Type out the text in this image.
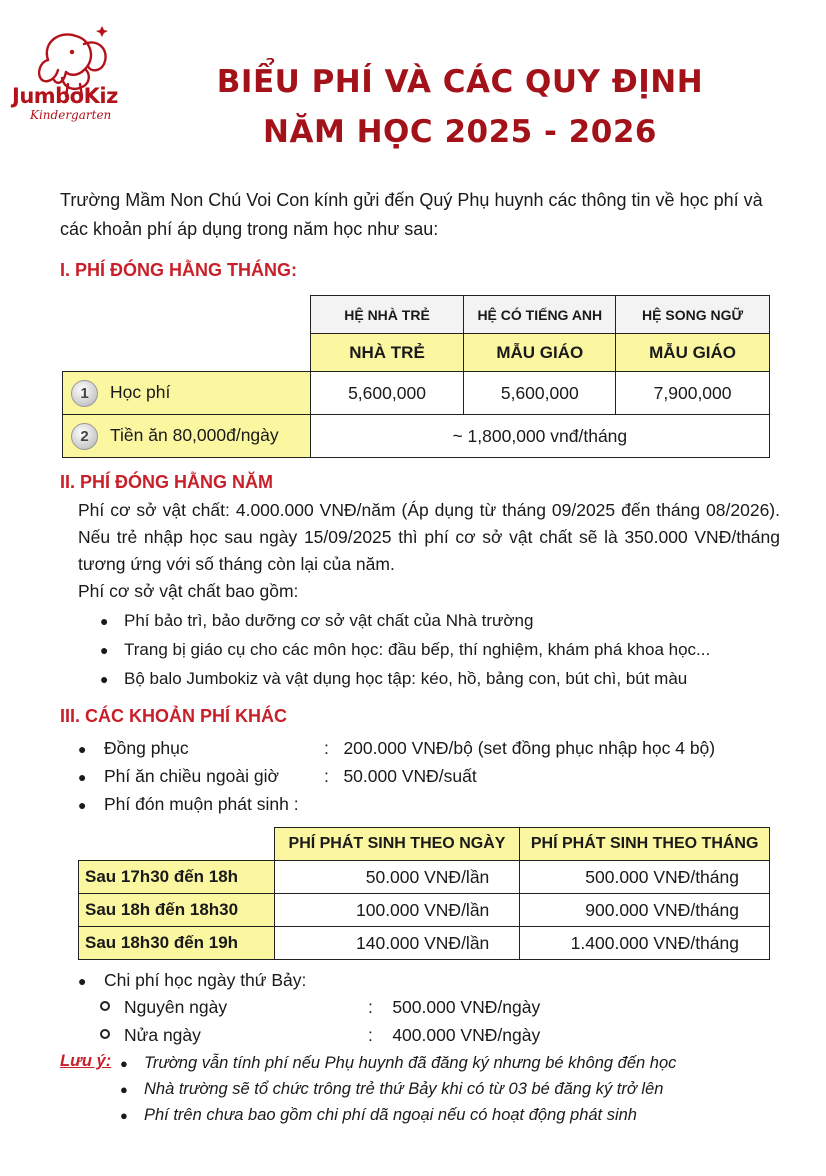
JumboKiz
Kindergarten
BIỂU PHÍ VÀ CÁC QUY ĐỊNH
NĂM HỌC 2025 - 2026
Trường Mầm Non Chú Voi Con kính gửi đến Quý Phụ huynh các thông tin về học phí và các khoản phí áp dụng trong năm học như sau:
I. PHÍ ĐÓNG HẰNG THÁNG:
	HỆ NHÀ TRẺ	HỆ CÓ TIẾNG ANH	HỆ SONG NGỮ
	NHÀ TRẺ	MẪU GIÁO	MẪU GIÁO
1 Học phí	5,600,000	5,600,000	7,900,000
2 Tiền ăn 80,000đ/ngày	~ 1,800,000 vnđ/tháng		
II. PHÍ ĐÓNG HẰNG NĂM
Phí cơ sở vật chất: 4.000.000 VNĐ/năm (Áp dụng từ tháng 09/2025 đến tháng 08/2026). Nếu trẻ nhập học sau ngày 15/09/2025 thì phí cơ sở vật chất sẽ là 350.000 VNĐ/tháng tương ứng với số tháng còn lại của năm.
Phí cơ sở vật chất bao gồm:
● Phí bảo trì, bảo dưỡng cơ sở vật chất của Nhà trường
● Trang bị giáo cụ cho các môn học: đầu bếp, thí nghiệm, khám phá khoa học...
● Bộ balo Jumbokiz và vật dụng học tập: kéo, hồ, bảng con, bút chì, bút màu
III. CÁC KHOẢN PHÍ KHÁC
● Đồng phục	:   200.000 VNĐ/bộ (set đồng phục nhập học 4 bộ)
● Phí ăn chiều ngoài giờ	:   50.000 VNĐ/suất
● Phí đón muộn phát sinh :
	PHÍ PHÁT SINH THEO NGÀY	PHÍ PHÁT SINH THEO THÁNG
Sau 17h30 đến 18h	50.000 VNĐ/lần	500.000 VNĐ/tháng
Sau 18h đến 18h30	100.000 VNĐ/lần	900.000 VNĐ/tháng
Sau 18h30 đến 19h	140.000 VNĐ/lần	1.400.000 VNĐ/tháng
● Chi phí học ngày thứ Bảy:
Nguyên ngày	:    500.000 VNĐ/ngày
Nửa ngày	:    400.000 VNĐ/ngày
Lưu ý: ● Trường vẫn tính phí nếu Phụ huynh đã đăng ký nhưng bé không đến học
● Nhà trường sẽ tổ chức trông trẻ thứ Bảy khi có từ 03 bé đăng ký trở lên
● Phí trên chưa bao gồm chi phí dã ngoại nếu có hoạt động phát sinh
